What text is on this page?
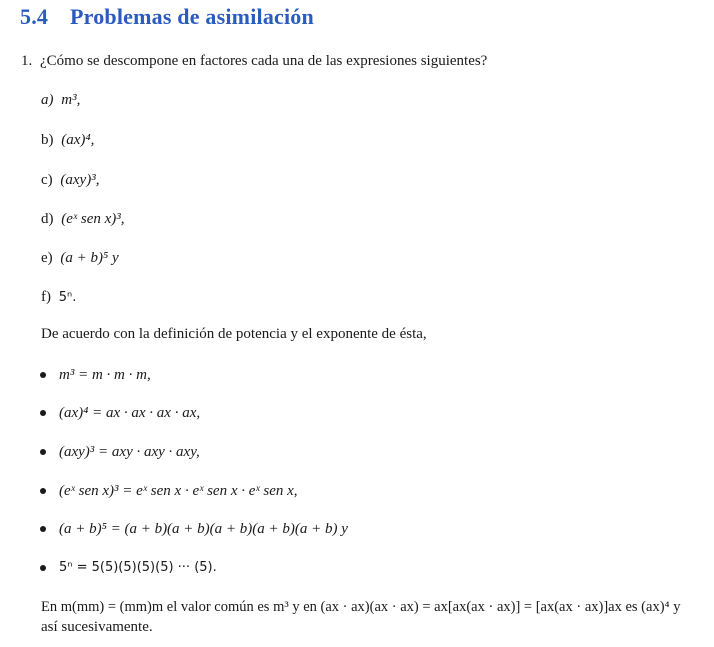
5.4 Problemas de asimilación
1. ¿Cómo se descompone en factores cada una de las expresiones siguientes?
a) m³,
b) (ax)⁴,
c) (axy)³,
d) (eˣ sen x)³,
e) (a + b)⁵ y
f) 5ⁿ.
De acuerdo con la definición de potencia y el exponente de ésta,
m³ = m · m · m,
(ax)⁴ = ax · ax · ax · ax,
(axy)³ = axy · axy · axy,
(eˣ sen x)³ = eˣ sen x · eˣ sen x · eˣ sen x,
(a + b)⁵ = (a + b)(a + b)(a + b)(a + b)(a + b) y
5ⁿ = 5(5)(5)(5)(5) ··· (5).
En m(mm) = (mm)m el valor común es m³ y en (ax · ax)(ax · ax) = ax[ax(ax · ax)] = [ax(ax · ax)]ax es (ax)⁴ y
así sucesivamente.
